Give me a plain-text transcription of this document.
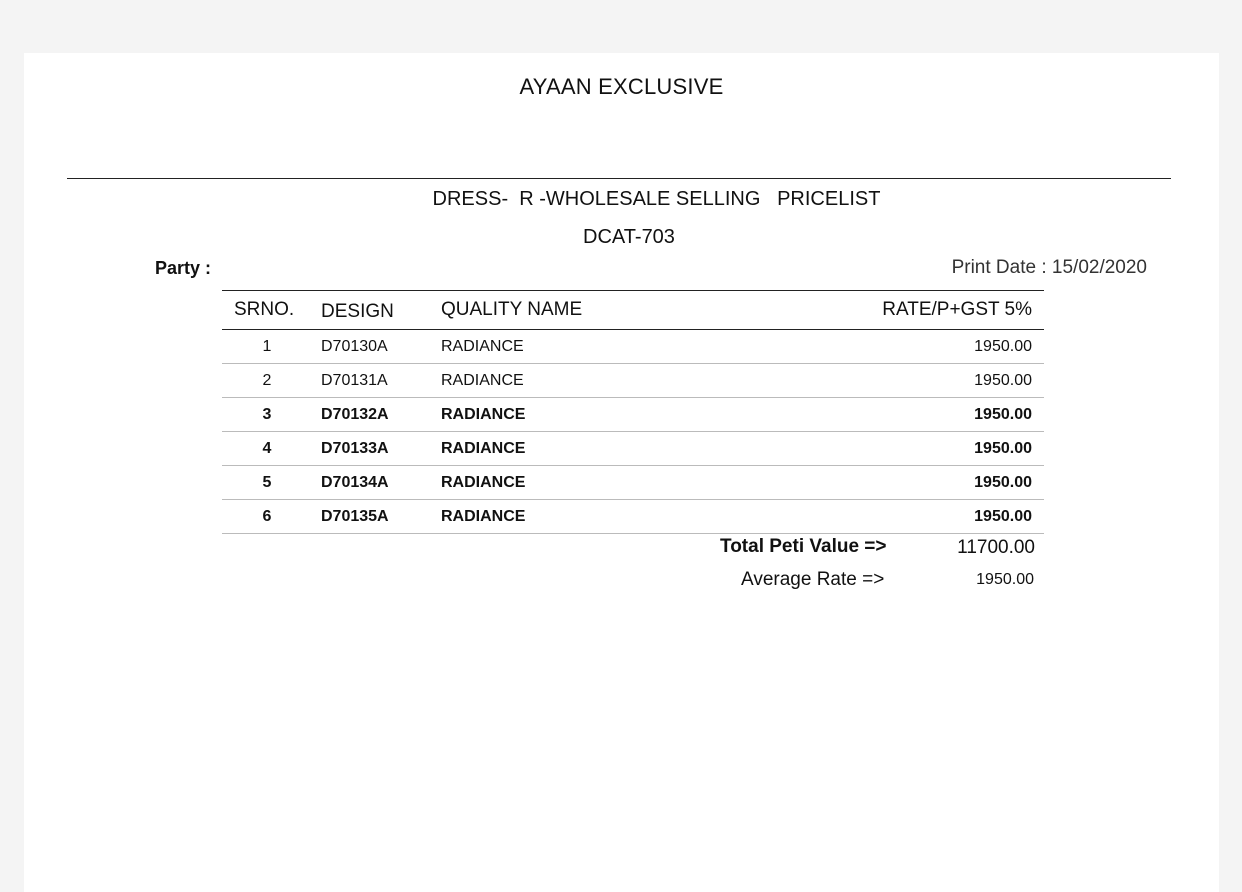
AYAAN EXCLUSIVE
DRESS-  R -WHOLESALE SELLING   PRICELIST
DCAT-703
Party :	Print Date : 15/02/2020
SRNO.	DESIGN	QUALITY NAME	RATE/P+GST 5%
1	D70130A	RADIANCE	1950.00
2	D70131A	RADIANCE	1950.00
3	D70132A	RADIANCE	1950.00
4	D70133A	RADIANCE	1950.00
5	D70134A	RADIANCE	1950.00
6	D70135A	RADIANCE	1950.00
Total Peti Value =>	11700.00
Average Rate =>	1950.00
